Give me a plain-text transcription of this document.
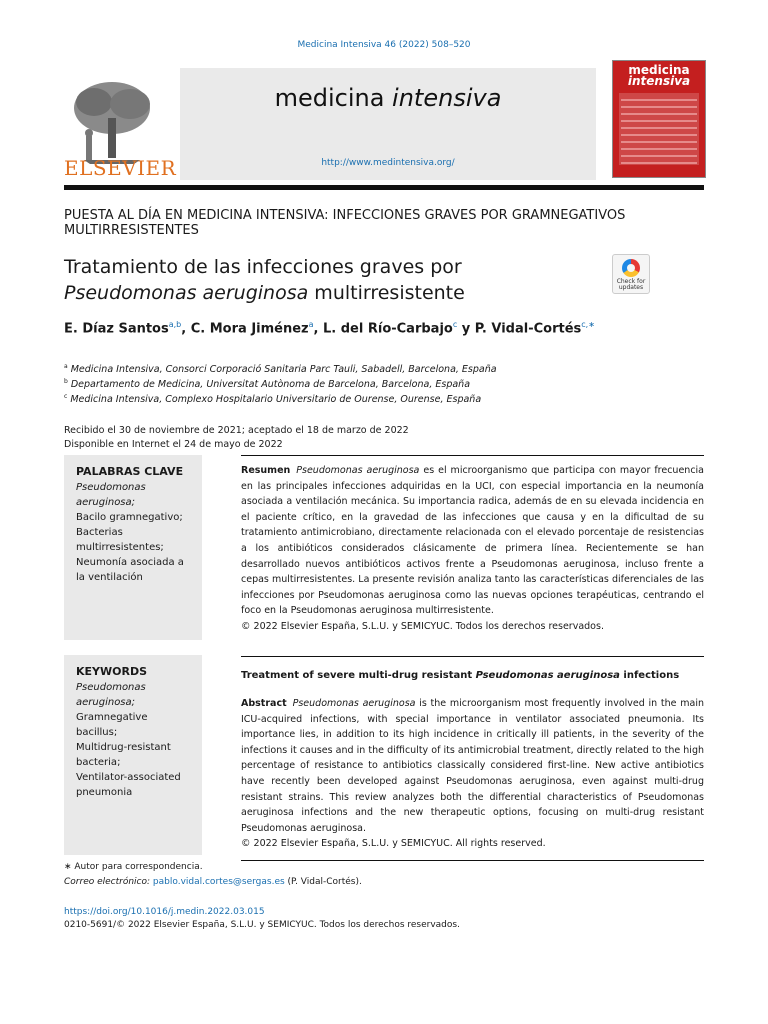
Medicina Intensiva 46 (2022) 508–520
ELSEVIER
medicina intensiva
http://www.medintensiva.org/
medicina
intensiva
PUESTA AL DÍA EN MEDICINA INTENSIVA: INFECCIONES GRAVES POR GRAMNEGATIVOS MULTIRRESISTENTES
Tratamiento de las infecciones graves por
Pseudomonas aeruginosa multirresistente
Check for updates
E. Díaz Santos$^{a,b}$, C. Mora Jiménez$^a$, L. del Río-Carbajo$^c$ y P. Vidal-Cortés$^{c,∗}$
$^a$ Medicina Intensiva, Consorci Corporació Sanitaria Parc Tauli, Sabadell, Barcelona, España
$^b$ Departamento de Medicina, Universitat Autònoma de Barcelona, Barcelona, España
$^c$ Medicina Intensiva, Complexo Hospitalario Universitario de Ourense, Ourense, España
Recibido el 30 de noviembre de 2021; aceptado el 18 de marzo de 2022
Disponible en Internet el 24 de mayo de 2022
PALABRAS CLAVE
Pseudomonas aeruginosa;
Bacilo gramnegativo;
Bacterias multirresistentes;
Neumonía asociada a la ventilación
Resumen Pseudomonas aeruginosa es el microorganismo que participa con mayor frecuencia en las principales infecciones adquiridas en la UCI, con especial importancia en la neumonía asociada a ventilación mecánica. Su importancia radica, además de en su elevada incidencia en el paciente crítico, en la gravedad de las infecciones que causa y en la dificultad de su tratamiento antimicrobiano, directamente relacionada con el elevado porcentaje de resistencias a los antibióticos considerados clásicamente de primera línea. Recientemente se han desarrollado nuevos antibióticos activos frente a Pseudomonas aeruginosa, incluso frente a cepas multirresistentes. La presente revisión analiza tanto las características diferenciales de las infecciones por Pseudomonas aeruginosa como las nuevas opciones terapéuticas, centrando el foco en la Pseudomonas aeruginosa multirresistente.
© 2022 Elsevier España, S.L.U. y SEMICYUC. Todos los derechos reservados.
KEYWORDS
Pseudomonas aeruginosa;
Gramnegative bacillus;
Multidrug-resistant bacteria;
Ventilator-associated pneumonia
Treatment of severe multi-drug resistant Pseudomonas aeruginosa infections
Abstract Pseudomonas aeruginosa is the microorganism most frequently involved in the main ICU-acquired infections, with special importance in ventilator associated pneumonia. Its importance lies, in addition to its high incidence in critically ill patients, in the severity of the infections it causes and in the difficulty of its antimicrobial treatment, directly related to the high percentage of resistance to antibiotics classically considered first-line. New active antibiotics have recently been developed against Pseudomonas aeruginosa, even against multi-drug resistant strains. This review analyzes both the differential characteristics of Pseudomonas aeruginosa infections and the new therapeutic options, focusing on multi-drug resistant Pseudomonas aeruginosa.
© 2022 Elsevier España, S.L.U. y SEMICYUC. All rights reserved.
∗ Autor para correspondencia.
Correo electrónico: pablo.vidal.cortes@sergas.es (P. Vidal-Cortés).
https://doi.org/10.1016/j.medin.2022.03.015
0210-5691/© 2022 Elsevier España, S.L.U. y SEMICYUC. Todos los derechos reservados.
